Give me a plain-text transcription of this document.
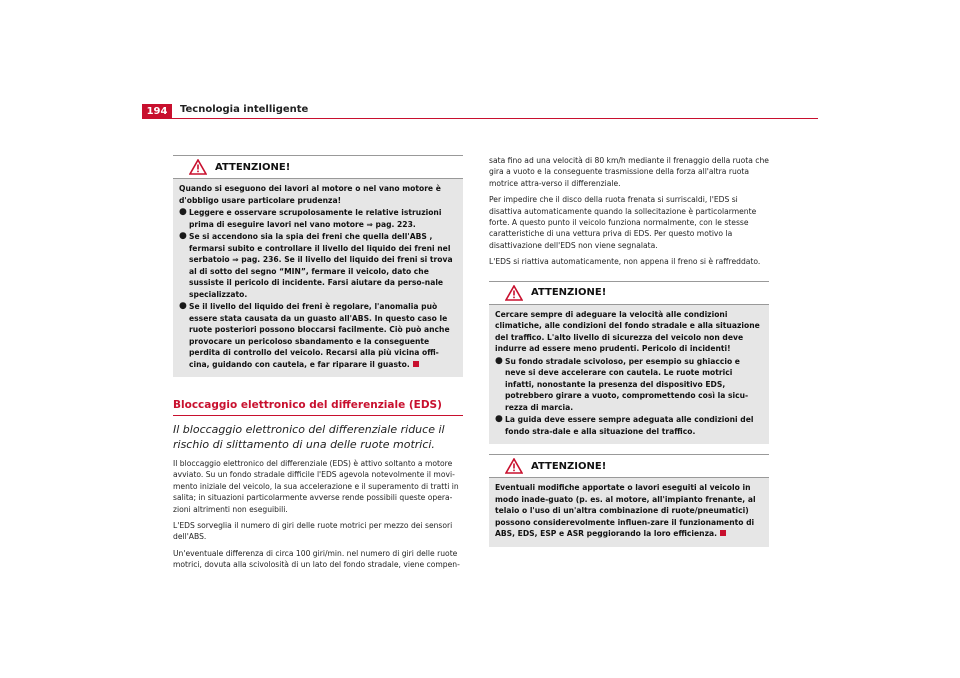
194	Tecnologia intelligente
ATTENZIONE!

Quando si eseguono dei lavori al motore o nel vano motore è d'obbligo usare particolare prudenza!

● Leggere e osservare scrupolosamente le relative istruzioni prima di eseguire lavori nel vano motore ⇒ pag. 223.

● Se si accendono sia la spia dei freni che quella dell'ABS , fermarsi subito e controllare il livello del liquido dei freni nel serbatoio ⇒ pag. 236. Se il livello del liquido dei freni si trova al di sotto del segno “MIN”, fermare il veicolo, dato che sussiste il pericolo di incidente. Farsi aiutare da perso-nale specializzato.

● Se il livello del liquido dei freni è regolare, l'anomalia può essere stata causata da un guasto all'ABS. In questo caso le ruote posteriori possono bloccarsi facilmente. Ciò può anche provocare un pericoloso sbandamento e la conseguente perdita di controllo del veicolo. Recarsi alla più vicina offi-cina, guidando con cautela, e far riparare il guasto.

Bloccaggio elettronico del differenziale (EDS)
Il bloccaggio elettronico del differenziale riduce il rischio di slittamento di una delle ruote motrici.

Il bloccaggio elettronico del differenziale (EDS) è attivo soltanto a motore avviato. Su un fondo stradale difficile l'EDS agevola notevolmente il movi-mento iniziale del veicolo, la sua accelerazione e il superamento di tratti in salita; in situazioni particolarmente avverse rende possibili queste opera-zioni altrimenti non eseguibili.

L'EDS sorveglia il numero di giri delle ruote motrici per mezzo dei sensori dell'ABS.

Un'eventuale differenza di circa 100 giri/min. nel numero di giri delle ruote motrici, dovuta alla scivolosità di un lato del fondo stradale, viene compen-

sata fino ad una velocità di 80 km/h mediante il frenaggio della ruota che gira a vuoto e la conseguente trasmissione della forza all'altra ruota motrice attra-verso il differenziale.

Per impedire che il disco della ruota frenata si surriscaldi, l'EDS si disattiva automaticamente quando la sollecitazione è particolarmente forte. A questo punto il veicolo funziona normalmente, con le stesse caratteristiche di una vettura priva di EDS. Per questo motivo la disattivazione dell'EDS non viene segnalata.

L'EDS si riattiva automaticamente, non appena il freno si è raffreddato.

ATTENZIONE!

Cercare sempre di adeguare la velocità alle condizioni climatiche, alle condizioni del fondo stradale e alla situazione del traffico. L'alto livello di sicurezza del veicolo non deve indurre ad essere meno prudenti. Pericolo di incidenti!

● Su fondo stradale scivoloso, per esempio su ghiaccio e neve si deve accelerare con cautela. Le ruote motrici infatti, nonostante la presenza del dispositivo EDS, potrebbero girare a vuoto, compromettendo così la sicu-rezza di marcia.

● La guida deve essere sempre adeguata alle condizioni del fondo stra-dale e alla situazione del traffico.

ATTENZIONE!

Eventuali modifiche apportate o lavori eseguiti al veicolo in modo inade-guato (p. es. al motore, all'impianto frenante, al telaio o l'uso di un'altra combinazione di ruote/pneumatici) possono considerevolmente influen-zare il funzionamento di ABS, EDS, ESP e ASR peggiorando la loro efficienza.
